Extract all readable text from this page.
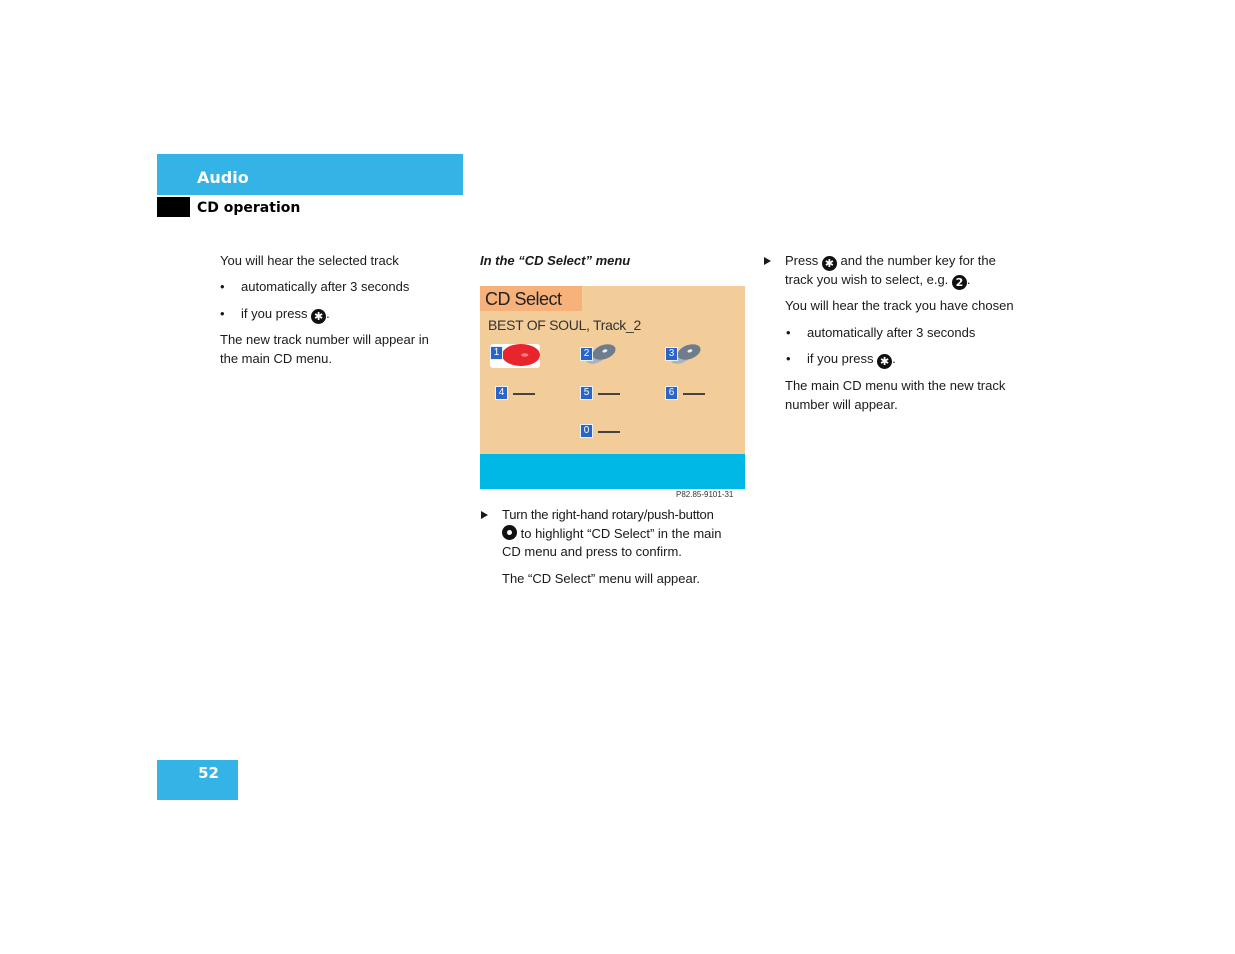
Audio
CD operation
You will hear the selected track
• automatically after 3 seconds
• if you press ✱ .
The new track number will appear in
the main CD menu.
In the “CD Select” menu
CD Select
BEST OF SOUL, Track_2
1	2	3
4	5	6
0
P82.85-9101-31
Turn the right-hand rotary/push-button
to highlight “CD Select” in the main
CD menu and press to confirm.
The “CD Select” menu will appear.
Press ✱ and the number key for the
track you wish to select, e.g. 2 .
You will hear the track you have chosen
• automatically after 3 seconds
• if you press ✱ .
The main CD menu with the new track
number will appear.
52
